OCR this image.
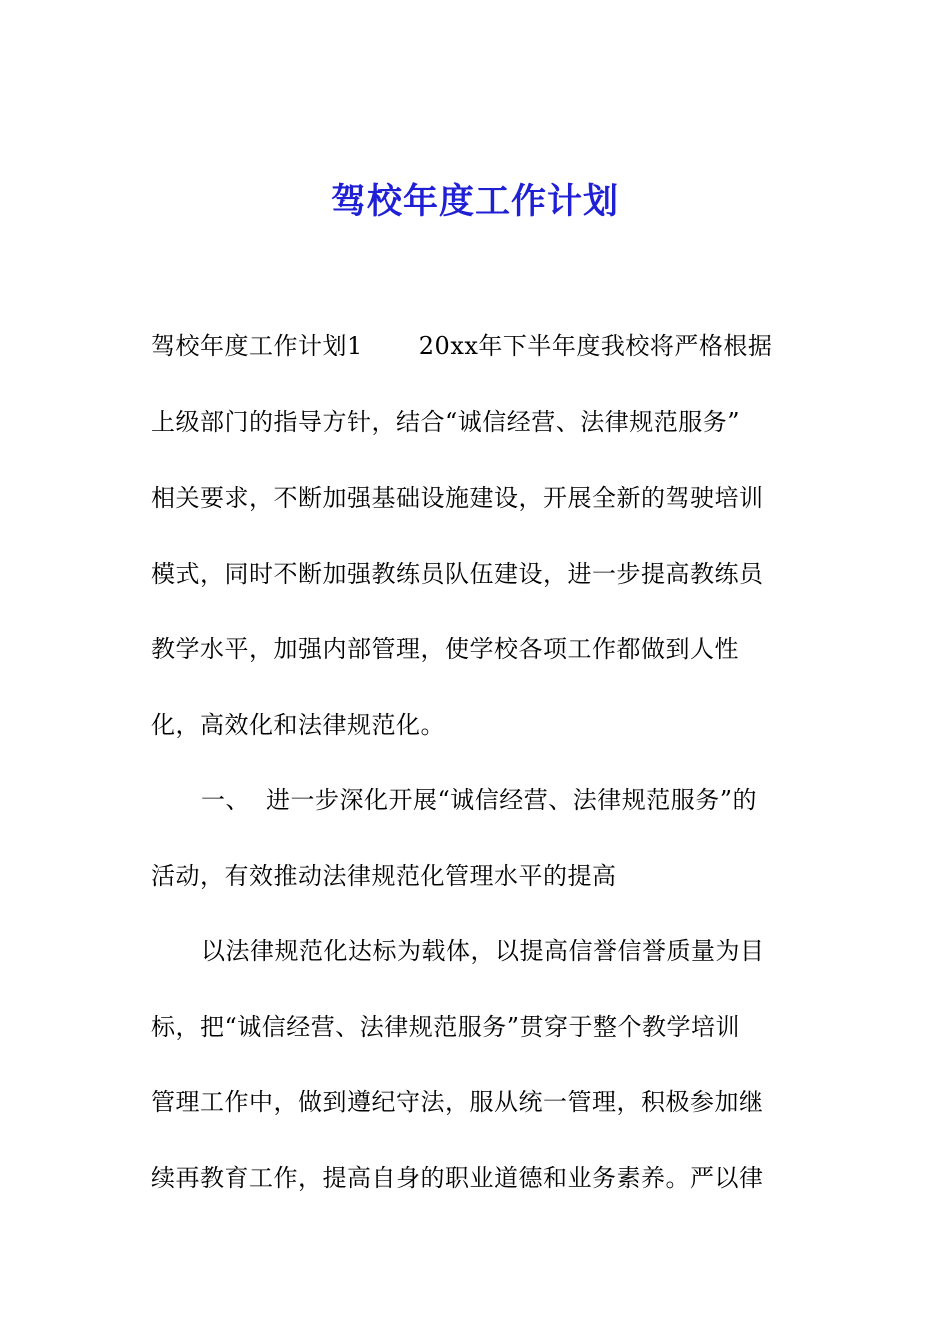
驾校年度工作计划
驾校年度工作计划1 20xx年下半年度我校将严格根据
上级部门的指导方针，结合“诚信经营、法律规范服务”
相关要求，不断加强基础设施建设，开展全新的驾驶培训
模式，同时不断加强教练员队伍建设，进一步提高教练员
教学水平，加强内部管理，使学校各项工作都做到人性
化，高效化和法律规范化。
一、 进一步深化开展“诚信经营、法律规范服务”的
活动，有效推动法律规范化管理水平的提高
以法律规范化达标为载体，以提高信誉信誉质量为目
标，把“诚信经营、法律规范服务”贯穿于整个教学培训
管理工作中，做到遵纪守法，服从统一管理，积极参加继
续再教育工作，提高自身的职业道德和业务素养。严以律
